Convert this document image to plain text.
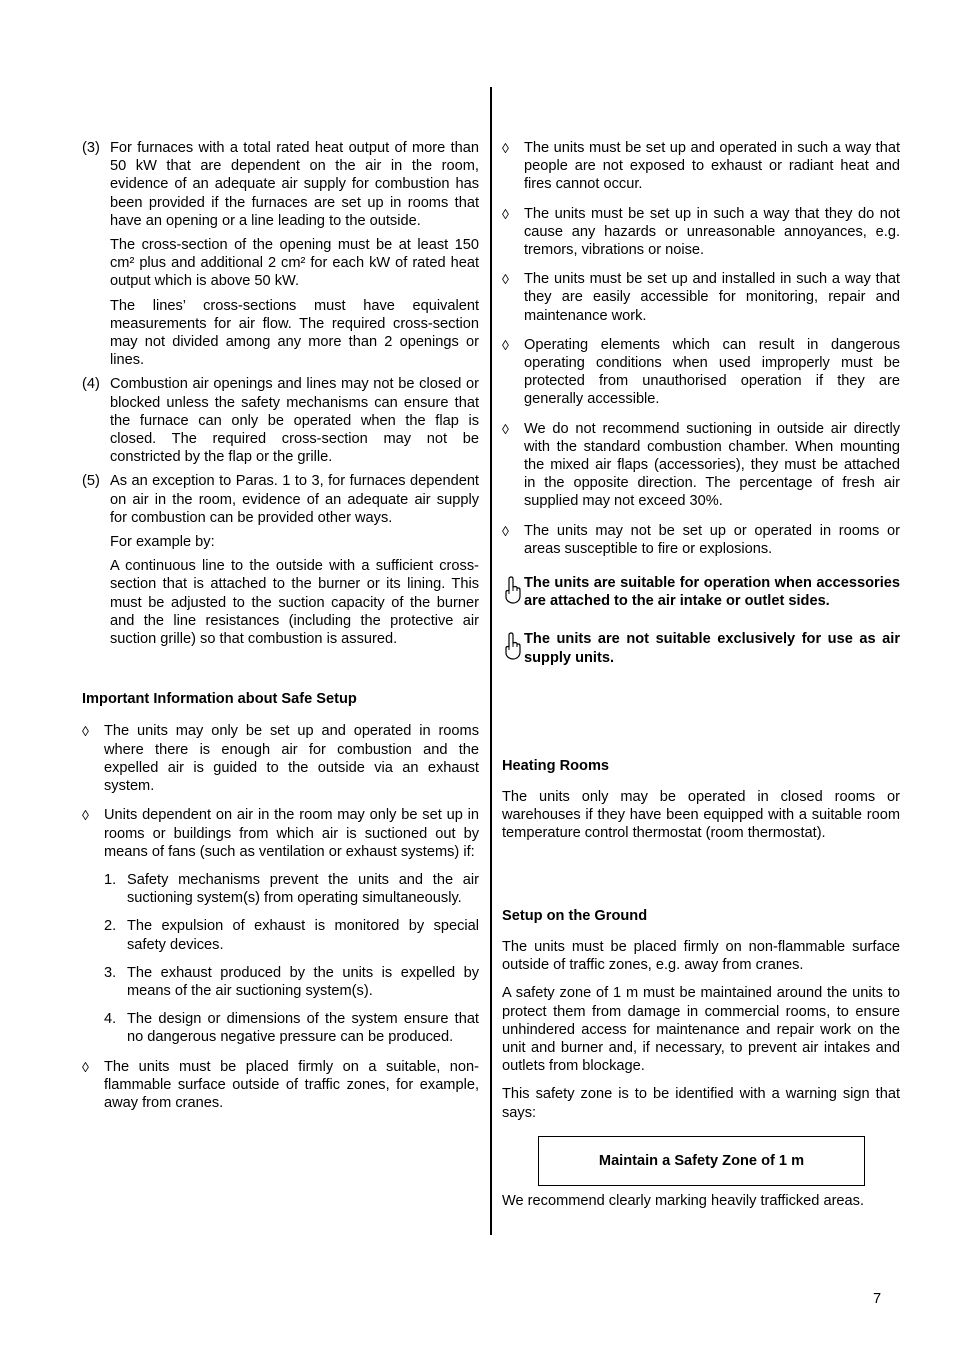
(3) For furnaces with a total rated heat output of more than 50 kW that are dependent on the air in the room, evidence of an adequate air supply for combustion has been provided if the furnaces are set up in rooms that have an opening or a line leading to the outside.

The cross-section of the opening must be at least 150 cm² plus and additional 2 cm² for each kW of rated heat output which is above 50 kW.

The lines’ cross-sections must have equivalent measurements for air flow. The required cross-section may not divided among any more than 2 openings or lines.

(4) Combustion air openings and lines may not be closed or blocked unless the safety mechanisms can ensure that the furnace can only be operated when the flap is closed. The required cross-section may not be constricted by the flap or the grille.

(5) As an exception to Paras. 1 to 3, for furnaces dependent on air in the room, evidence of an adequate air supply for combustion can be provided other ways.

For example by:

A continuous line to the outside with a sufficient cross-section that is attached to the burner or its lining. This must be adjusted to the suction capacity of the burner and the line resistances (including the protective air suction grille) so that combustion is assured.

Important Information about Safe Setup

◊ The units may only be set up and operated in rooms where there is enough air for combustion and the expelled air is guided to the outside via an exhaust system.

◊ Units dependent on air in the room may only be set up in rooms or buildings from which air is suctioned out by means of fans (such as ventilation or exhaust systems) if:

1. Safety mechanisms prevent the units and the air suctioning system(s) from operating simultaneously.

2. The expulsion of exhaust is monitored by special safety devices.

3. The exhaust produced by the units is expelled by means of the air suctioning system(s).

4. The design or dimensions of the system ensure that no dangerous negative pressure can be produced.

◊ The units must be placed firmly on a suitable, non-flammable surface outside of traffic zones, for example, away from cranes.

◊ The units must be set up and operated in such a way that people are not exposed to exhaust or radiant heat and fires cannot occur.

◊ The units must be set up in such a way that they do not cause any hazards or unreasonable annoyances, e.g. tremors, vibrations or noise.

◊ The units must be set up and installed in such a way that they are easily accessible for monitoring, repair and maintenance work.

◊ Operating elements which can result in dangerous operating conditions when used improperly must be protected from unauthorised operation if they are generally accessible.

◊ We do not recommend suctioning in outside air directly with the standard combustion chamber. When mounting the mixed air flaps (accessories), they must be attached in the opposite direction. The percentage of fresh air supplied may not exceed 30%.

◊ The units may not be set up or operated in rooms or areas susceptible to fire or explosions.

The units are suitable for operation when accessories are attached to the air intake or outlet sides.

The units are not suitable exclusively for use as air supply units.

Heating Rooms

The units only may be operated in closed rooms or warehouses if they have been equipped with a suitable room temperature control thermostat (room thermostat).

Setup on the Ground

The units must be placed firmly on non-flammable surface outside of traffic zones, e.g. away from cranes.

A safety zone of 1 m must be maintained around the units to protect them from damage in commercial rooms, to ensure unhindered access for maintenance and repair work on the unit and burner and, if necessary, to prevent air intakes and outlets from blockage.

This safety zone is to be identified with a warning sign that says:

Maintain a Safety Zone of 1 m

We recommend clearly marking heavily trafficked areas.

7
